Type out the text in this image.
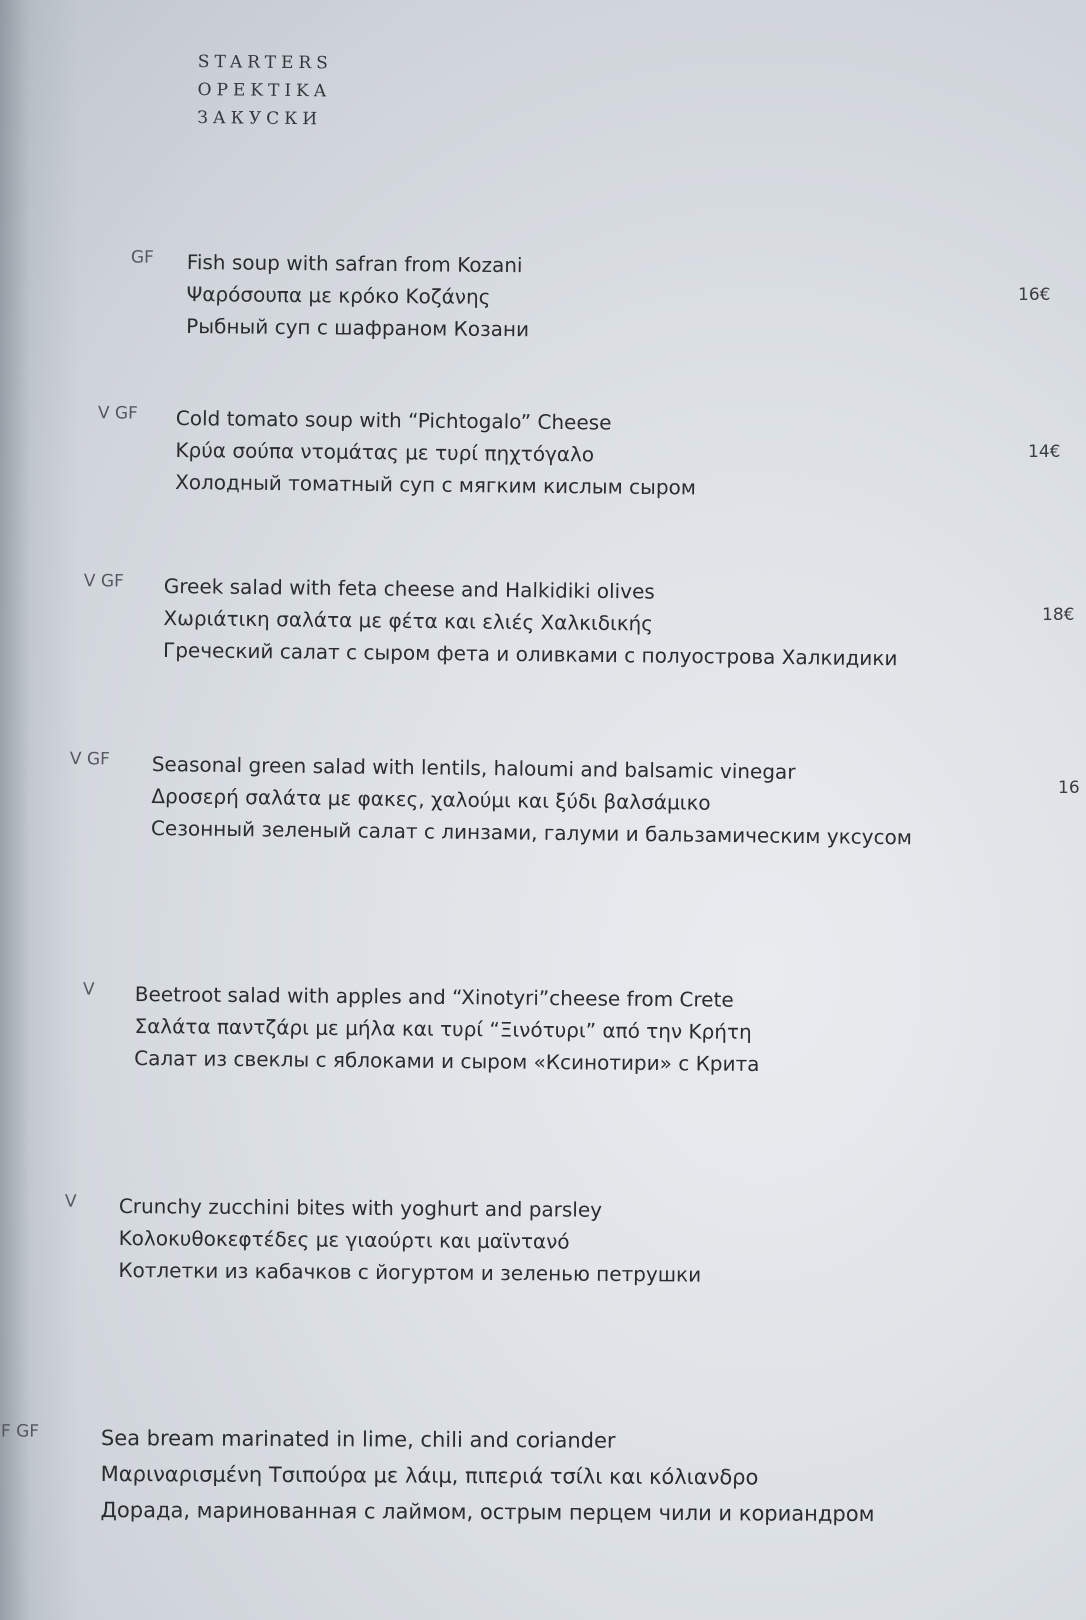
STARTERS
ΟΡΕΚΤΙΚΑ
ЗАКУСКИ
GF Fish soup with safran from Kozani
Ψαρόσουπα με κρόκο Κοζάνης
Рыбный суп с шафраном Козани
16€
V GF Cold tomato soup with “Pichtogalo” Cheese
Κρύα σούπα ντομάτας με τυρί πηχτόγαλο
Холодный томатный суп с мягким кислым сыром
14€
V GF Greek salad with feta cheese and Halkidiki olives
Χωριάτικη σαλάτα με φέτα και ελιές Χαλκιδικής
Греческий салат с сыром фета и оливками с полуострова Халкидики
18€
V GF Seasonal green salad with lentils, haloumi and balsamic vinegar
Δροσερή σαλάτα με φακες, χαλούμι και ξύδι βαλσάμικο
Сезонный зеленый салат с линзами, галуми и бальзамическим уксусом
16
V Beetroot salad with apples and “Xinotyri”cheese from Crete
Σαλάτα παντζάρι με μήλα και τυρί “Ξινότυρι” από την Κρήτη
Салат из свеклы с яблоками и сыром «Ксинотири» с Крита
V Crunchy zucchini bites with yoghurt and parsley
Κολοκυθοκεφτέδες με γιαούρτι και μαϊντανό
Котлетки из кабачков с йогуртом и зеленью петрушки
F GF	Sea bream marinated in lime, chili and coriander
Μαριναρισμένη Τσιπούρα με λάιμ, πιπεριά τσίλι και κόλιανδρο
Дорада, маринованная с лаймом, острым перцем чили и кориандром
